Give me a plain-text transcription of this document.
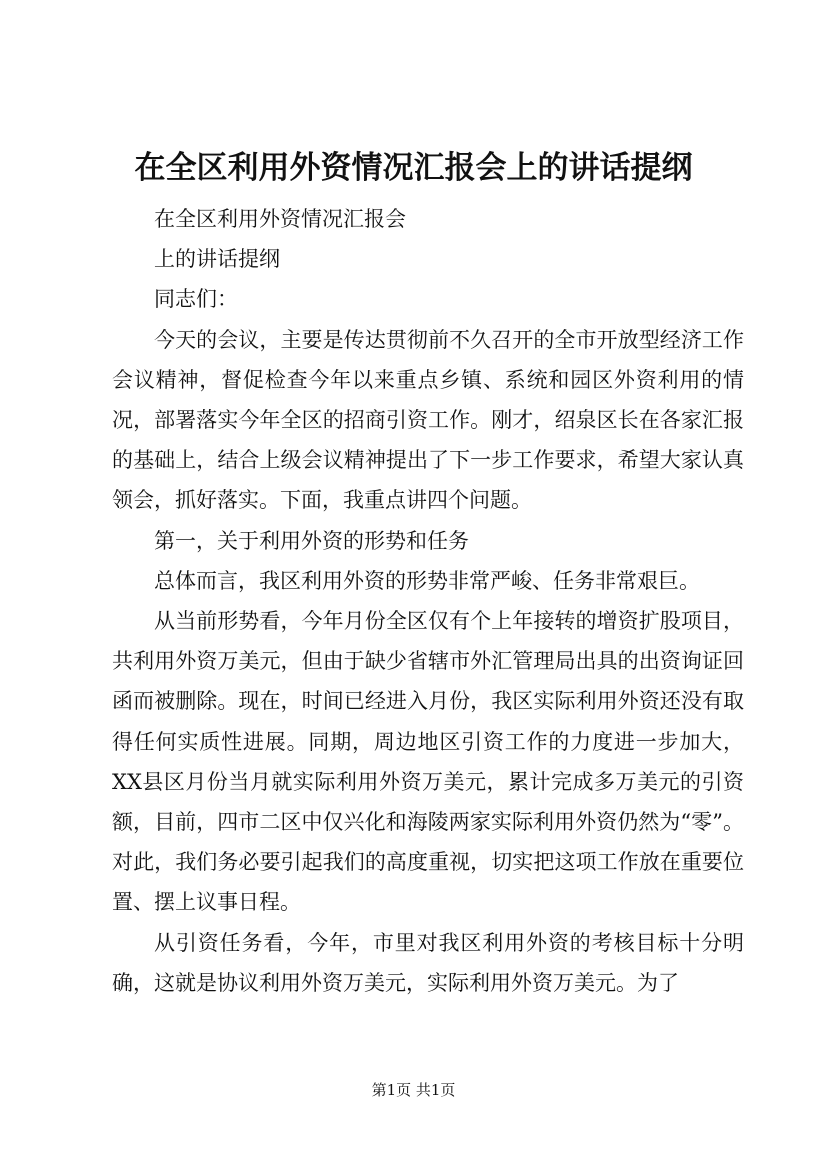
在全区利用外资情况汇报会上的讲话提纲

在全区利用外资情况汇报会

上的讲话提纲

同志们：

今天的会议，主要是传达贯彻前不久召开的全市开放型经济工作会议精神，督促检查今年以来重点乡镇、系统和园区外资利用的情况，部署落实今年全区的招商引资工作。刚才，绍泉区长在各家汇报的基础上，结合上级会议精神提出了下一步工作要求，希望大家认真领会，抓好落实。下面，我重点讲四个问题。

第一，关于利用外资的形势和任务

总体而言，我区利用外资的形势非常严峻、任务非常艰巨。

从当前形势看，今年月份全区仅有个上年接转的增资扩股项目，共利用外资万美元，但由于缺少省辖市外汇管理局出具的出资询证回函而被删除。现在，时间已经进入月份，我区实际利用外资还没有取得任何实质性进展。同期，周边地区引资工作的力度进一步加大，XX县区月份当月就实际利用外资万美元，累计完成多万美元的引资额，目前，四市二区中仅兴化和海陵两家实际利用外资仍然为“零”。对此，我们务必要引起我们的高度重视，切实把这项工作放在重要位置、摆上议事日程。

从引资任务看，今年，市里对我区利用外资的考核目标十分明确，这就是协议利用外资万美元，实际利用外资万美元。为了

第1页 共1页
